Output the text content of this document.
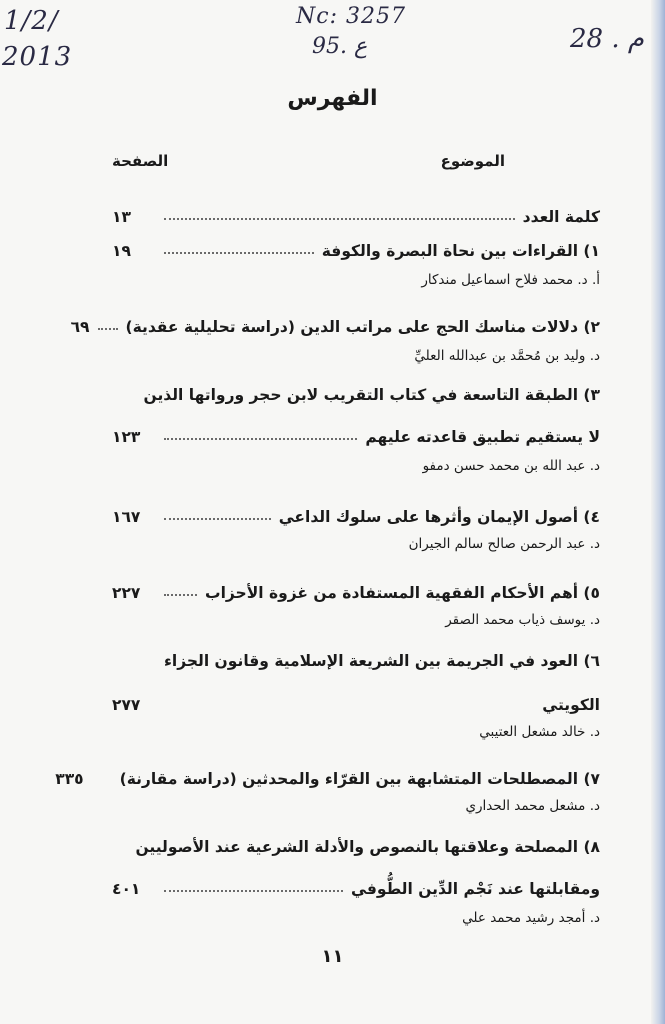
1/2/
2013
Nc: 3257
95. ع	28 . م
الفهرس
الموضوع
الصفحة
كلمة العدد
١٣
١) القراءات بين نحاة البصرة والكوفة
١٩
أ. د. محمد فلاح اسماعيل مندكار
٢) دلالات مناسك الحج على مراتب الدين (دراسة تحليلية عقدية)
٦٩
د. وليد بن مُحمَّد بن عبدالله العليِّ
٣) الطبقة التاسعة في كتاب التقريب لابن حجر ورواتها الذين
لا يستقيم تطبيق قاعدته عليهم
١٢٣
د. عبد الله بن محمد حسن دمفو
٤) أصول الإيمان وأثرها على سلوك الداعي
١٦٧
د. عبد الرحمن صالح سالم الجيران
٥) أهم الأحكام الفقهية المستفادة من غزوة الأحزاب
٢٢٧
د. يوسف ذياب محمد الصقر
٦) العود في الجريمة بين الشريعة الإسلامية وقانون الجزاء
الكويتي
٢٧٧
د. خالد مشعل العتيبي
٧) المصطلحات المتشابهة بين القرّاء والمحدثين (دراسة مقارنة)
٣٣٥
د. مشعل محمد الحداري
٨) المصلحة وعلاقتها بالنصوص والأدلة الشرعية عند الأصوليين
ومقابلتها عند نَجْم الدِّين الطُّوفي
٤٠١
د. أمجد رشيد محمد علي
١١
